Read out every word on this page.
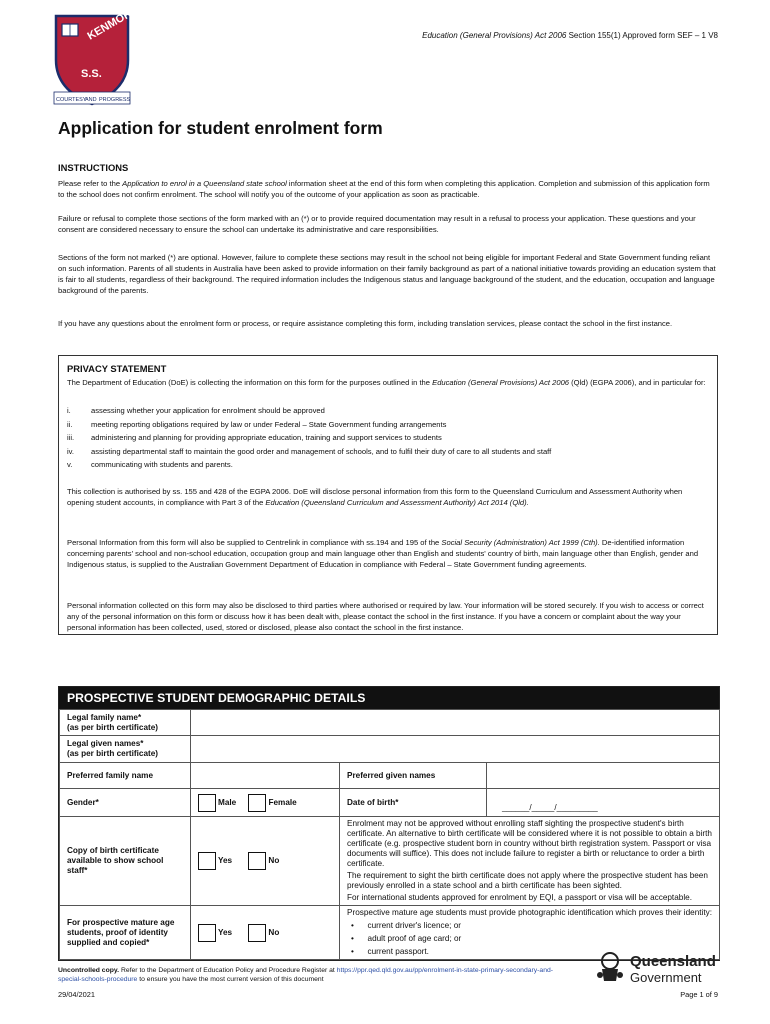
KENMORE
S.S.
COURTESY
AND PROGRESS
Education (General Provisions) Act 2006 Section 155(1) Approved form SEF – 1 V8
Application for student enrolment form
INSTRUCTIONS
Please refer to the Application to enrol in a Queensland state school information sheet at the end of this form when completing this application. Completion and submission of this application form to the school does not confirm enrolment. The school will notify you of the outcome of your application as soon as practicable.
Failure or refusal to complete those sections of the form marked with an (*) or to provide required documentation may result in a refusal to process your application. These questions and your consent are considered necessary to ensure the school can undertake its administrative and care responsibilities.
Sections of the form not marked (*) are optional. However, failure to complete these sections may result in the school not being eligible for important Federal and State Government funding reliant on such information. Parents of all students in Australia have been asked to provide information on their family background as part of a national initiative towards providing an education system that is fair to all students, regardless of their background. The required information includes the Indigenous status and language background of the student, and the education, occupation and language background of the parents.
If you have any questions about the enrolment form or process, or require assistance completing this form, including translation services, please contact the school in the first instance.
PRIVACY STATEMENT
The Department of Education (DoE) is collecting the information on this form for the purposes outlined in the Education (General Provisions) Act 2006 (Qld) (EGPA 2006), and in particular for:
i.	assessing whether your application for enrolment should be approved
ii. meeting reporting obligations required by law or under Federal – State Government funding arrangements
iii. administering and planning for providing appropriate education, training and support services to students
iv. assisting departmental staff to maintain the good order and management of schools, and to fulfil their duty of care to all students and staff
v. communicating with students and parents.
This collection is authorised by ss. 155 and 428 of the EGPA 2006. DoE will disclose personal information from this form to the Queensland Curriculum and Assessment Authority when opening student accounts, in compliance with Part 3 of the Education (Queensland Curriculum and Assessment Authority) Act 2014 (Qld).
Personal Information from this form will also be supplied to Centrelink in compliance with ss.194 and 195 of the Social Security (Administration) Act 1999 (Cth). De-identified information concerning parents' school and non-school education, occupation group and main language other than English and students' country of birth, main language other than English, gender and Indigenous status, is supplied to the Australian Government Department of Education in compliance with Federal – State Government funding agreements.
Personal information collected on this form may also be disclosed to third parties where authorised or required by law. Your information will be stored securely. If you wish to access or correct any of the personal information on this form or discuss how it has been dealt with, please contact the school in the first instance. If you have a concern or complaint about the way your personal information has been collected, used, stored or disclosed, please also contact the school in the first instance.
PROSPECTIVE STUDENT DEMOGRAPHIC DETAILS
Legal family name*
(as per birth certificate)			

Legal given names*
(as per birth certificate)			

Preferred family name		Preferred given names	
Gender*	Male Female	Date of birth*	______/_____/_________
Copy of birth certificate available to show school staff*	Yes No	Enrolment may not be approved without enrolling staff sighting the prospective student's birth certificate. An alternative to birth certificate will be considered where it is not possible to obtain a birth certificate (e.g. prospective student born in country without birth registration system. Passport or visa documents will suffice). This does not include failure to register a birth or reluctance to order a birth certificate.
The requirement to sight the birth certificate does not apply where the prospective student has been previously enrolled in a state school and a birth certificate has been sighted.
For international students approved for enrolment by EQI, a passport or visa will be acceptable.	

For prospective mature age students, proof of identity supplied and copied*	Yes No	Prospective mature age students must provide photographic identification which proves their identity:
•      current driver's licence; or
•      adult proof of age card; or
•      current passport.	
Uncontrolled copy. Refer to the Department of Education Policy and Procedure Register at https://ppr.qed.qld.gov.au/pp/enrolment-in-state-primary-secondary-and-special-schools-procedure to ensure you have the most current version of this document
29/04/2021	Page 1 of 9
Queensland
Government
